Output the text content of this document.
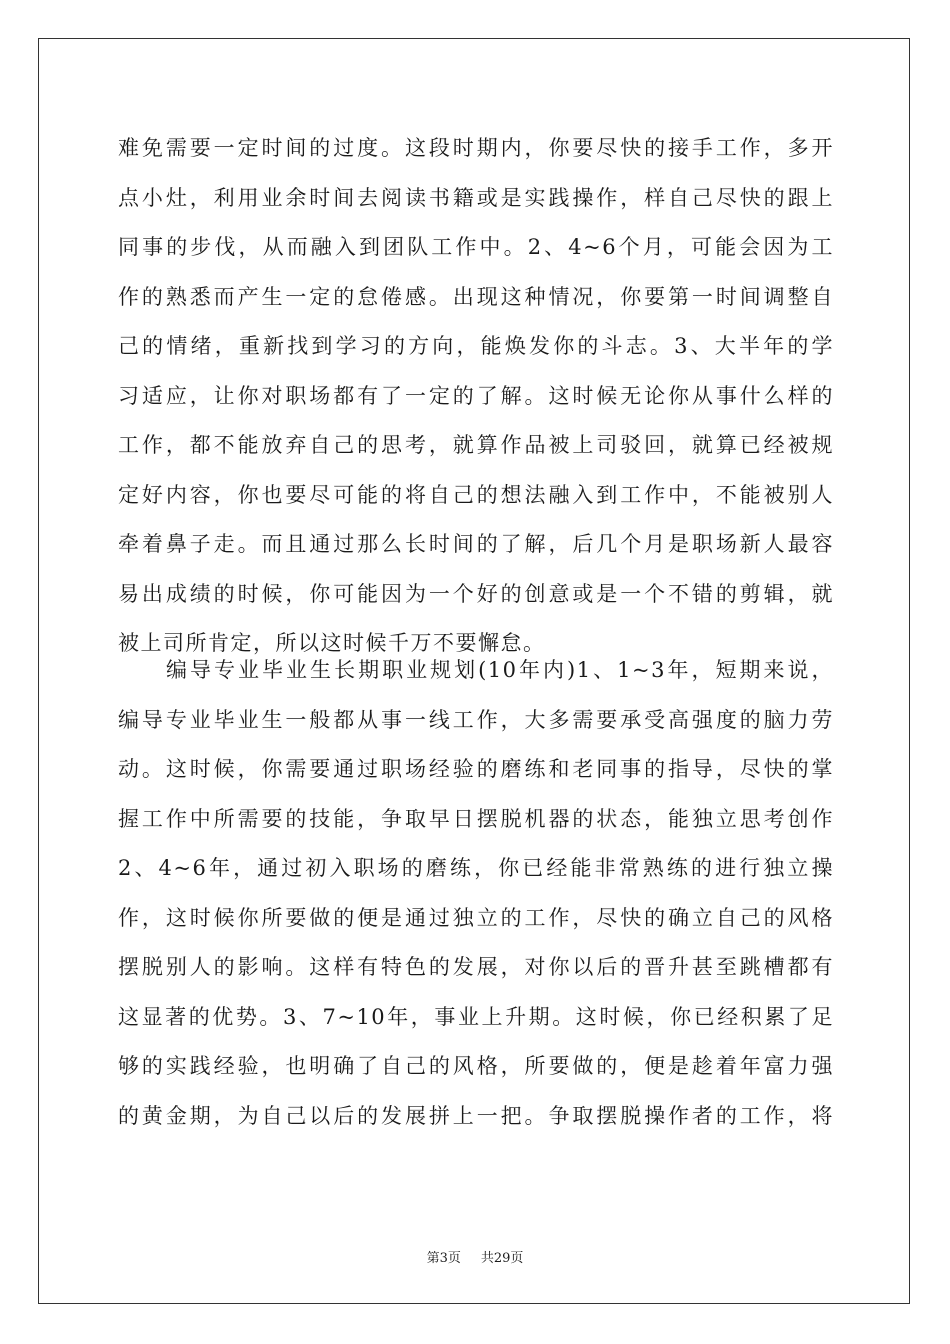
难免需要一定时间的过度。这段时期内，你要尽快的接手工作，多开
点小灶，利用业余时间去阅读书籍或是实践操作，样自己尽快的跟上
同事的步伐，从而融入到团队工作中。2、4~6个月，可能会因为工
作的熟悉而产生一定的怠倦感。出现这种情况，你要第一时间调整自
己的情绪，重新找到学习的方向，能焕发你的斗志。3、大半年的学
习适应，让你对职场都有了一定的了解。这时候无论你从事什么样的
工作，都不能放弃自己的思考，就算作品被上司驳回，就算已经被规
定好内容，你也要尽可能的将自己的想法融入到工作中，不能被别人
牵着鼻子走。而且通过那么长时间的了解，后几个月是职场新人最容
易出成绩的时候，你可能因为一个好的创意或是一个不错的剪辑，就
被上司所肯定，所以这时候千万不要懈怠。
　　编导专业毕业生长期职业规划(10年内)1、1~3年，短期来说，
编导专业毕业生一般都从事一线工作，大多需要承受高强度的脑力劳
动。这时候，你需要通过职场经验的磨练和老同事的指导，尽快的掌
握工作中所需要的技能，争取早日摆脱机器的状态，能独立思考创作
2、4~6年，通过初入职场的磨练，你已经能非常熟练的进行独立操
作，这时候你所要做的便是通过独立的工作，尽快的确立自己的风格
摆脱别人的影响。这样有特色的发展，对你以后的晋升甚至跳槽都有
这显著的优势。3、7~10年，事业上升期。这时候，你已经积累了足
够的实践经验，也明确了自己的风格，所要做的，便是趁着年富力强
的黄金期，为自己以后的发展拼上一把。争取摆脱操作者的工作，将
第3页 共29页
